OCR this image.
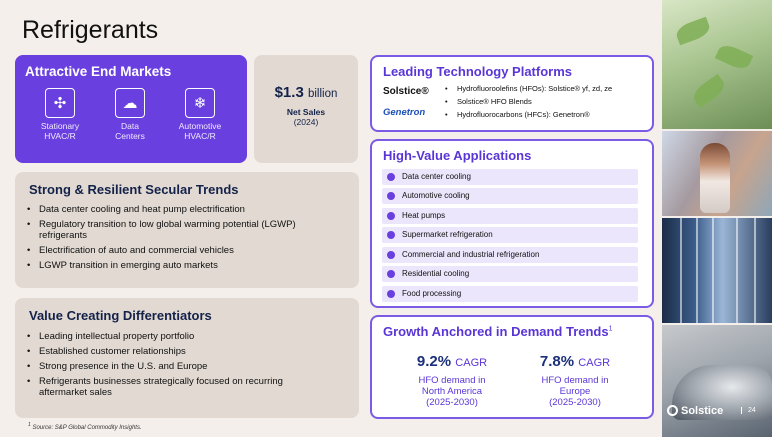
Refrigerants
Attractive End Markets
✣
Stationary
HVAC/R
☁
Data
Centers
❄
Automotive
HVAC/R
$1.3 billion
Net Sales
(2024)
Strong & Resilient Secular Trends
• Data center cooling and heat pump electrification
• Regulatory transition to low global warming potential (LGWP) refrigerants
• Electrification of auto and commercial vehicles
• LGWP transition in emerging auto markets
Value Creating Differentiators
• Leading intellectual property portfolio
• Established customer relationships
• Strong presence in the U.S. and Europe
• Refrigerants businesses strategically focused on recurring aftermarket sales
Leading Technology Platforms
Solstice®
Genetron
• Hydrofluoroolefins (HFOs): Solstice® yf, zd, ze
• Solstice® HFO Blends
• Hydrofluorocarbons (HFCs): Genetron®
High-Value Applications
Data center cooling
Automotive cooling
Heat pumps
Supermarket refrigeration
Commercial and industrial refrigeration
Residential cooling
Food processing
Growth Anchored in Demand Trends$^1$
9.2% CAGR
HFO demand in
North America
(2025-2030)
7.8% CAGR
HFO demand in
Europe
(2025-2030)
$^1$ Source: S&P Global Commodity Insights.
Solstice	24
